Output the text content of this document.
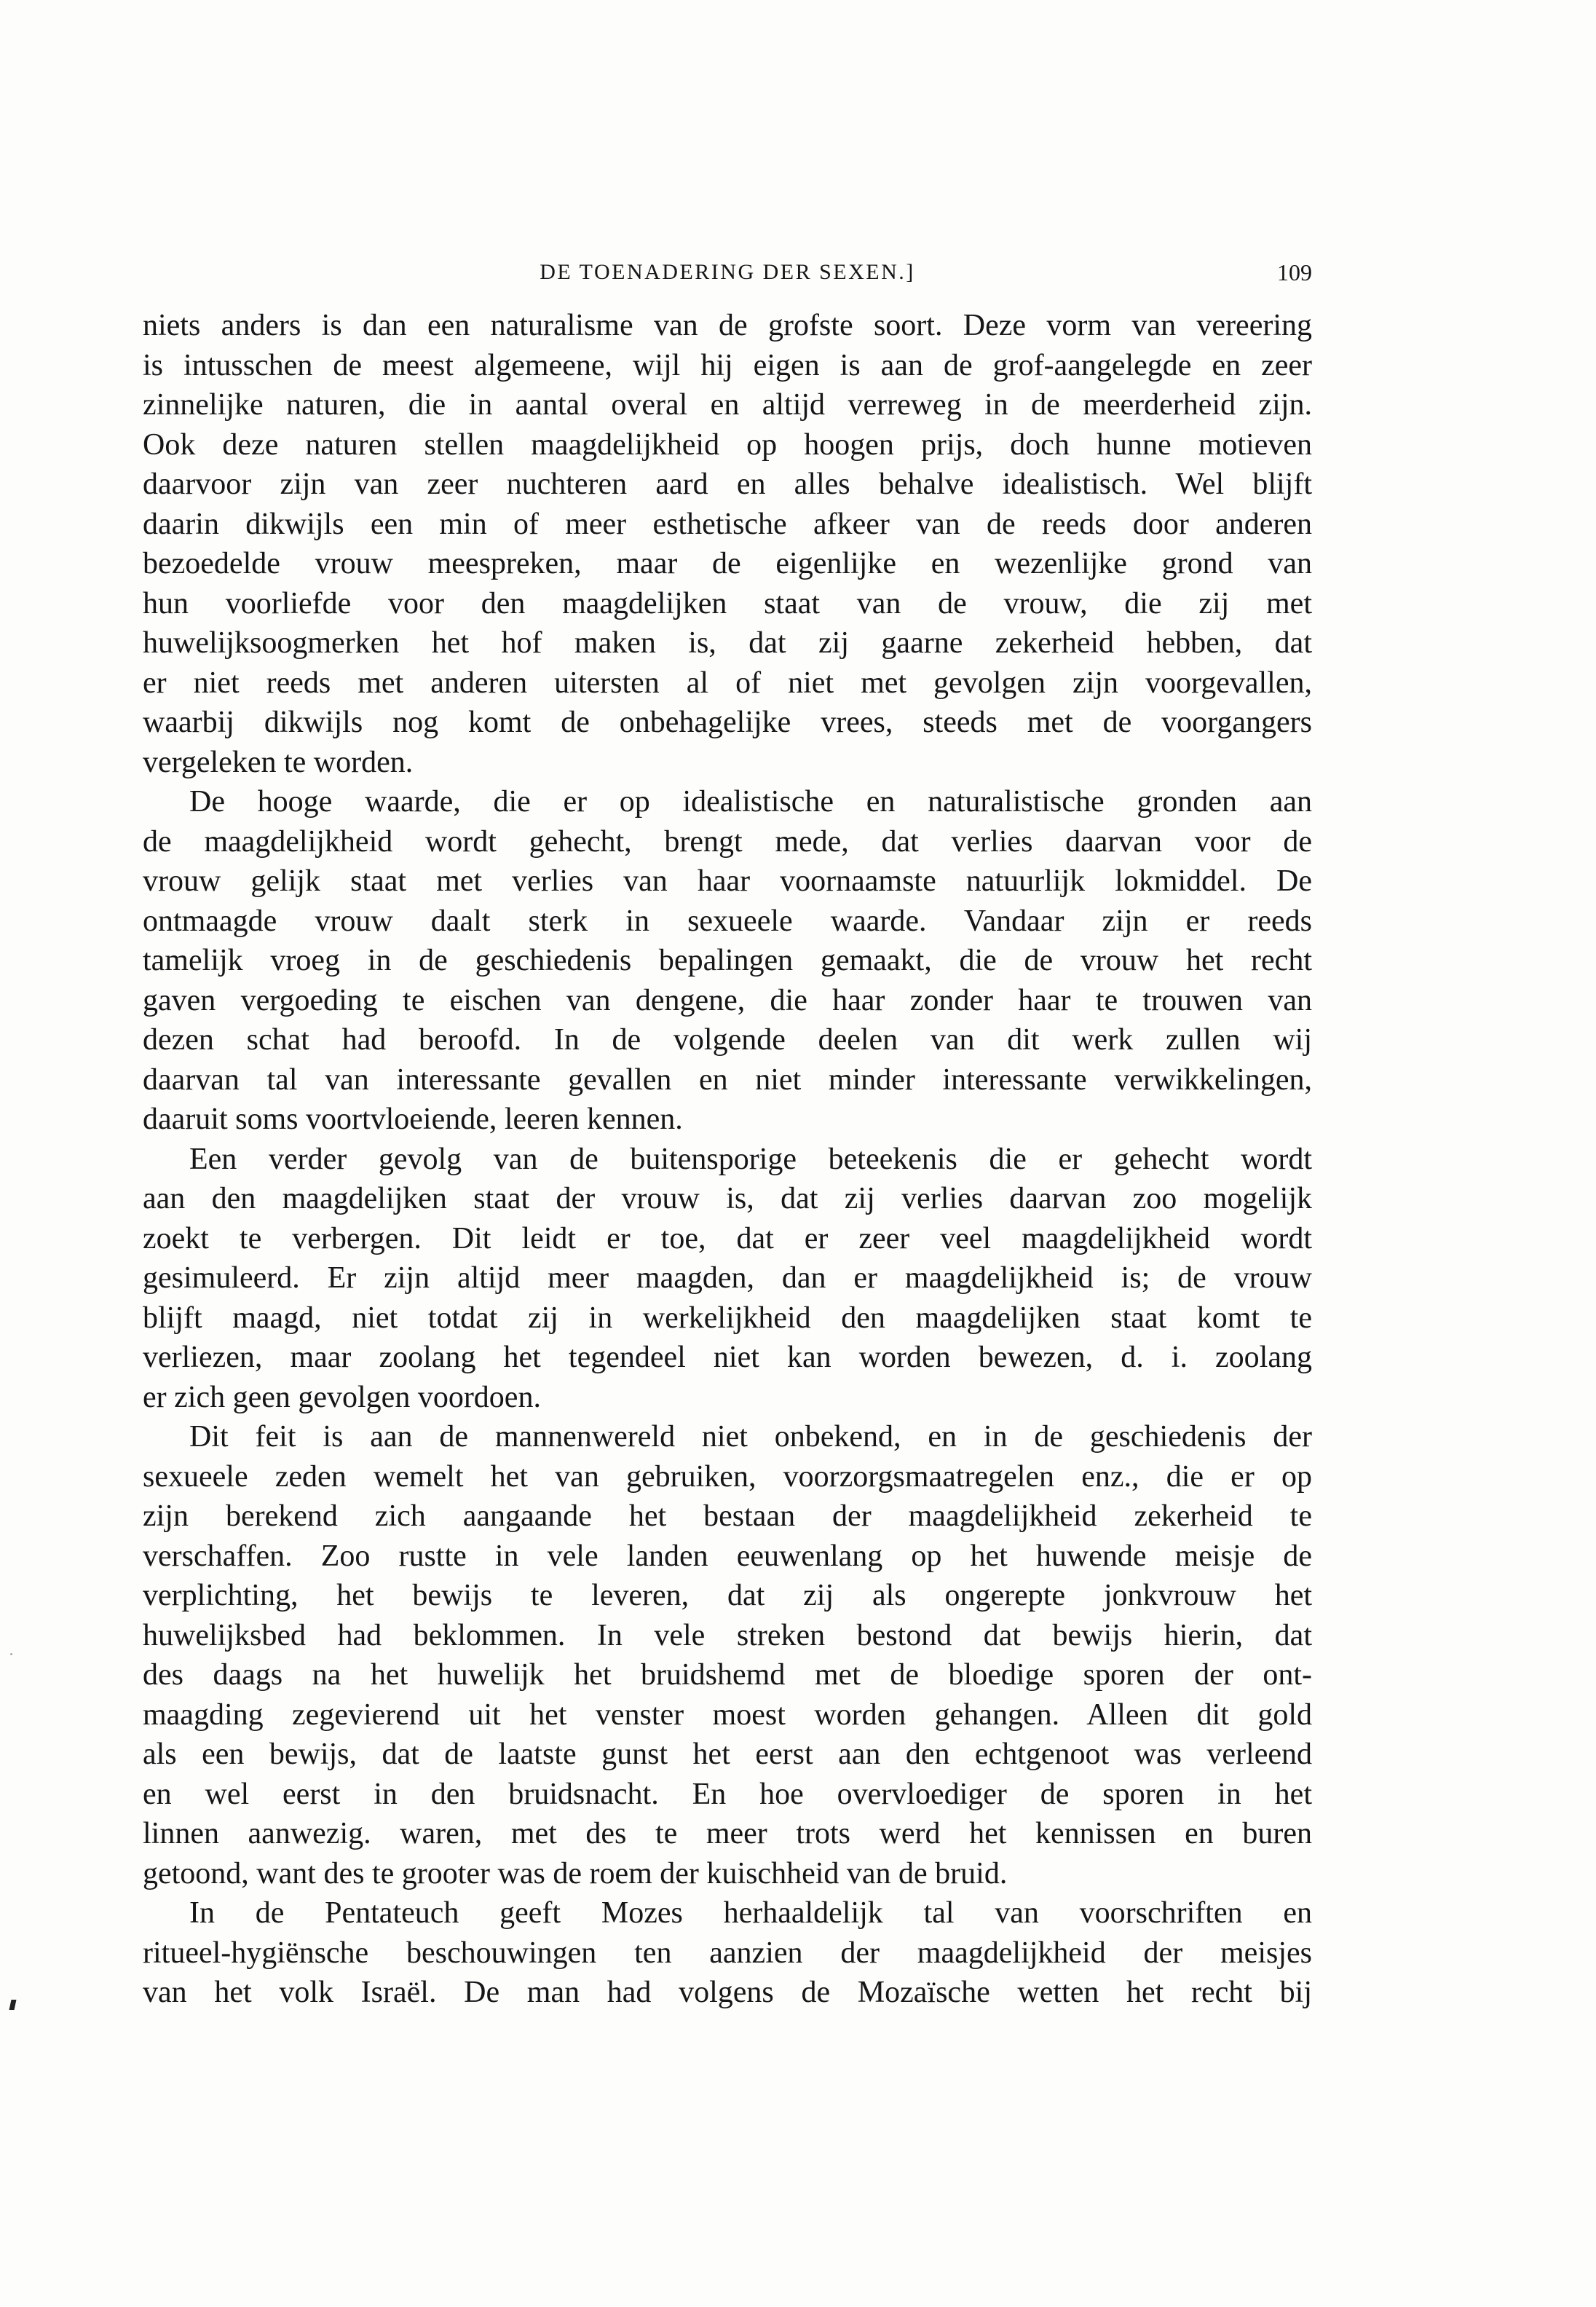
DE TOENADERING DER SEXEN.]	109
niets anders is dan een naturalisme van de grofste soort. Deze vorm van vereering
is intusschen de meest algemeene, wijl hij eigen is aan de grof-aangelegde en zeer
zinnelijke naturen, die in aantal overal en altijd verreweg in de meerderheid zijn.
Ook deze naturen stellen maagdelijkheid op hoogen prijs, doch hunne motieven
daarvoor zijn van zeer nuchteren aard en alles behalve idealistisch. Wel blijft
daarin dikwijls een min of meer esthetische afkeer van de reeds door anderen
bezoedelde vrouw meespreken, maar de eigenlijke en wezenlijke grond van
hun voorliefde voor den maagdelijken staat van de vrouw, die zij met
huwelijksoogmerken het hof maken is, dat zij gaarne zekerheid hebben, dat
er niet reeds met anderen uitersten al of niet met gevolgen zijn voorgevallen,
waarbij dikwijls nog komt de onbehagelijke vrees, steeds met de voorgangers
vergeleken te worden.
De hooge waarde, die er op idealistische en naturalistische gronden aan
de maagdelijkheid wordt gehecht, brengt mede, dat verlies daarvan voor de
vrouw gelijk staat met verlies van haar voornaamste natuurlijk lokmiddel. De
ontmaagde vrouw daalt sterk in sexueele waarde. Vandaar zijn er reeds
tamelijk vroeg in de geschiedenis bepalingen gemaakt, die de vrouw het recht
gaven vergoeding te eischen van dengene, die haar zonder haar te trouwen van
dezen schat had beroofd. In de volgende deelen van dit werk zullen wij
daarvan tal van interessante gevallen en niet minder interessante verwikkelingen,
daaruit soms voortvloeiende, leeren kennen.
Een verder gevolg van de buitensporige beteekenis die er gehecht wordt
aan den maagdelijken staat der vrouw is, dat zij verlies daarvan zoo mogelijk
zoekt te verbergen. Dit leidt er toe, dat er zeer veel maagdelijkheid wordt
gesimuleerd. Er zijn altijd meer maagden, dan er maagdelijkheid is; de vrouw
blijft maagd, niet totdat zij in werkelijkheid den maagdelijken staat komt te
verliezen, maar zoolang het tegendeel niet kan worden bewezen, d. i. zoolang
er zich geen gevolgen voordoen.
Dit feit is aan de mannenwereld niet onbekend, en in de geschiedenis der
sexueele zeden wemelt het van gebruiken, voorzorgsmaatregelen enz., die er op
zijn berekend zich aangaande het bestaan der maagdelijkheid zekerheid te
verschaffen. Zoo rustte in vele landen eeuwenlang op het huwende meisje de
verplichting, het bewijs te leveren, dat zij als ongerepte jonkvrouw het
huwelijksbed had beklommen. In vele streken bestond dat bewijs hierin, dat
des daags na het huwelijk het bruidshemd met de bloedige sporen der ont-
maagding zegevierend uit het venster moest worden gehangen. Alleen dit gold
als een bewijs, dat de laatste gunst het eerst aan den echtgenoot was verleend
en wel eerst in den bruidsnacht. En hoe overvloediger de sporen in het
linnen aanwezig. waren, met des te meer trots werd het kennissen en buren
getoond, want des te grooter was de roem der kuischheid van de bruid.
In de Pentateuch geeft Mozes herhaaldelijk tal van voorschriften en
ritueel-hygiënsche beschouwingen ten aanzien der maagdelijkheid der meisjes
van het volk Israël. De man had volgens de Mozaïsche wetten het recht bij
